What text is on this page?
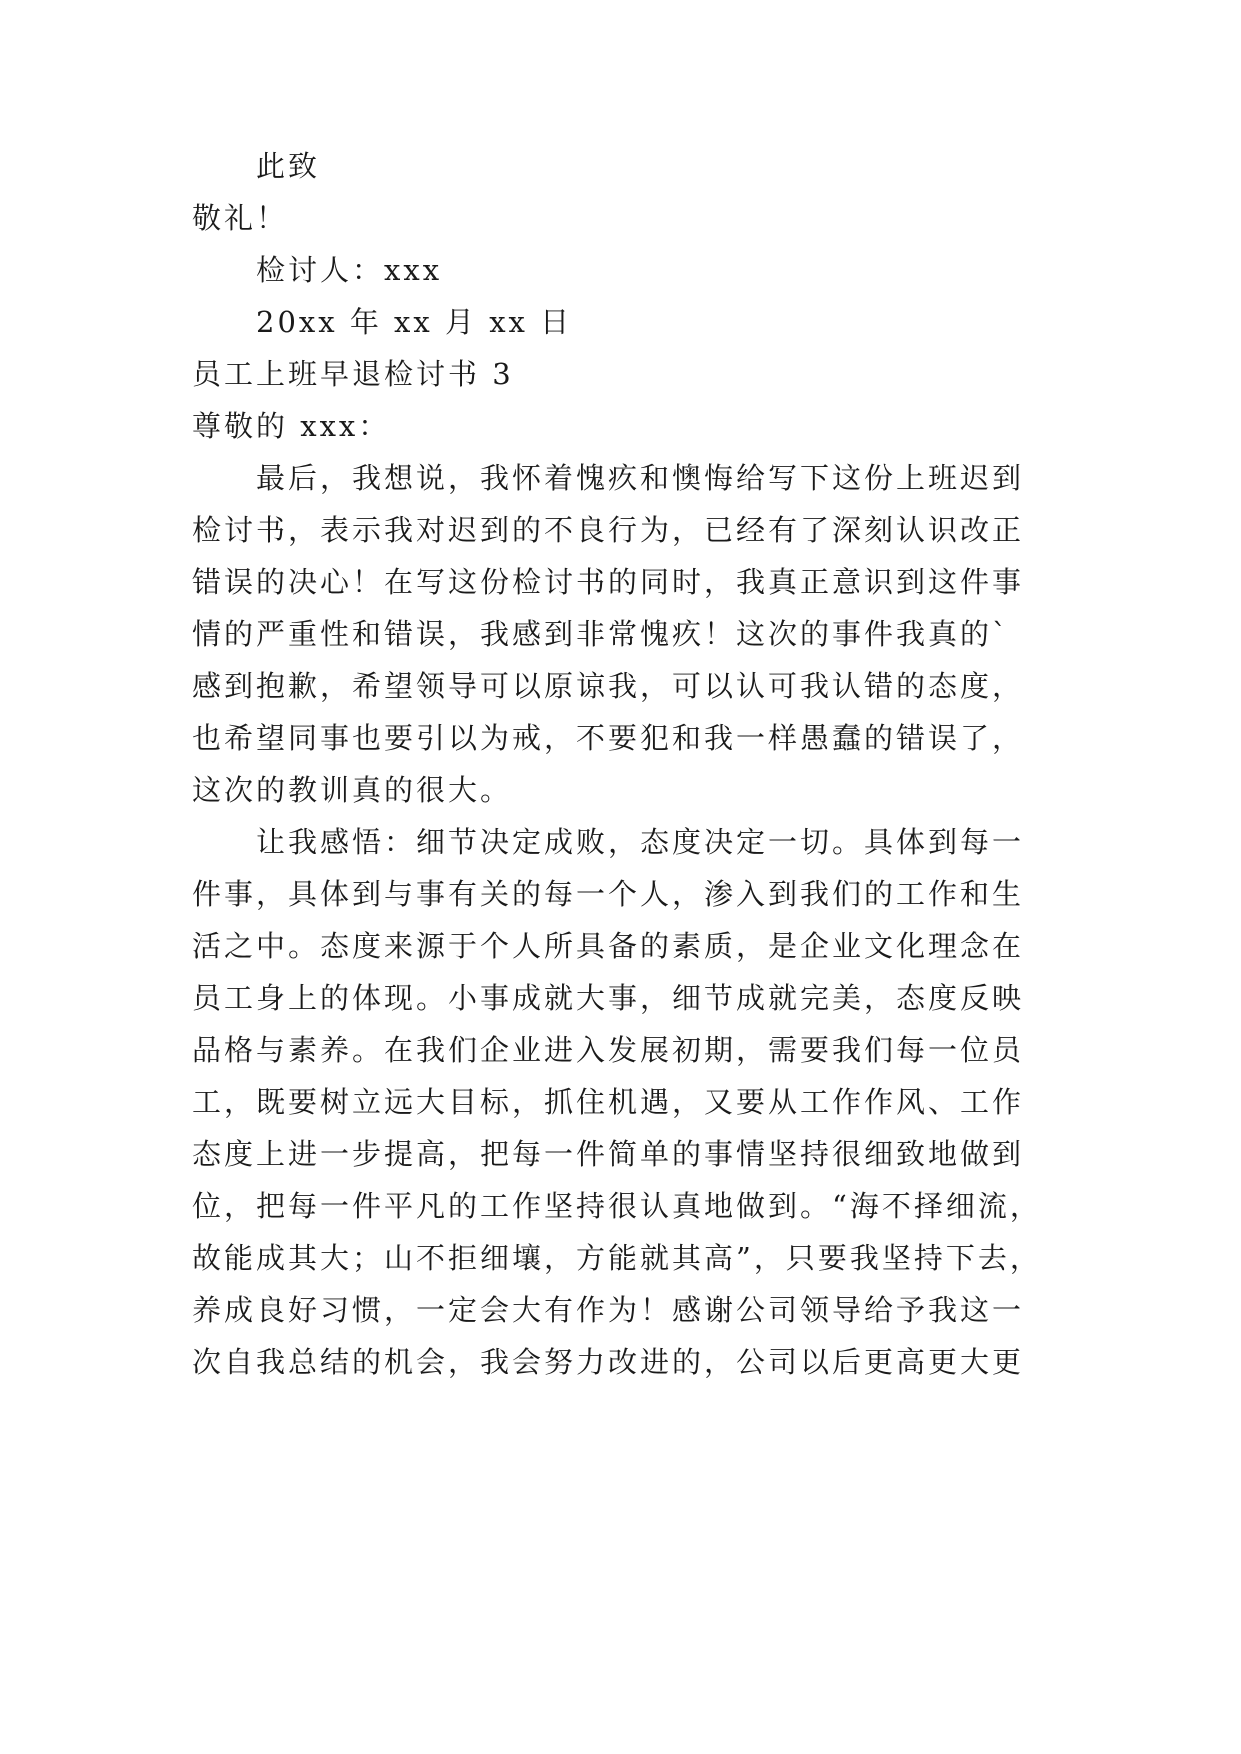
此致
敬礼！
检讨人：xxx
20xx 年 xx 月 xx 日
员工上班早退检讨书 3
尊敬的 xxx：
最后，我想说，我怀着愧疚和懊悔给写下这份上班迟到
检讨书，表示我对迟到的不良行为，已经有了深刻认识改正
错误的决心！在写这份检讨书的同时，我真正意识到这件事
情的严重性和错误，我感到非常愧疚！这次的事件我真的`
感到抱歉，希望领导可以原谅我，可以认可我认错的态度，
也希望同事也要引以为戒，不要犯和我一样愚蠢的错误了，
这次的教训真的很大。
让我感悟：细节决定成败，态度决定一切。具体到每一
件事，具体到与事有关的每一个人，渗入到我们的工作和生
活之中。态度来源于个人所具备的素质，是企业文化理念在
员工身上的体现。小事成就大事，细节成就完美，态度反映
品格与素养。在我们企业进入发展初期，需要我们每一位员
工，既要树立远大目标，抓住机遇，又要从工作作风、工作
态度上进一步提高，把每一件简单的事情坚持很细致地做到
位，把每一件平凡的工作坚持很认真地做到。“海不择细流，
故能成其大；山不拒细壤，方能就其高”，只要我坚持下去，
养成良好习惯，一定会大有作为！感谢公司领导给予我这一
次自我总结的机会，我会努力改进的，公司以后更高更大更
